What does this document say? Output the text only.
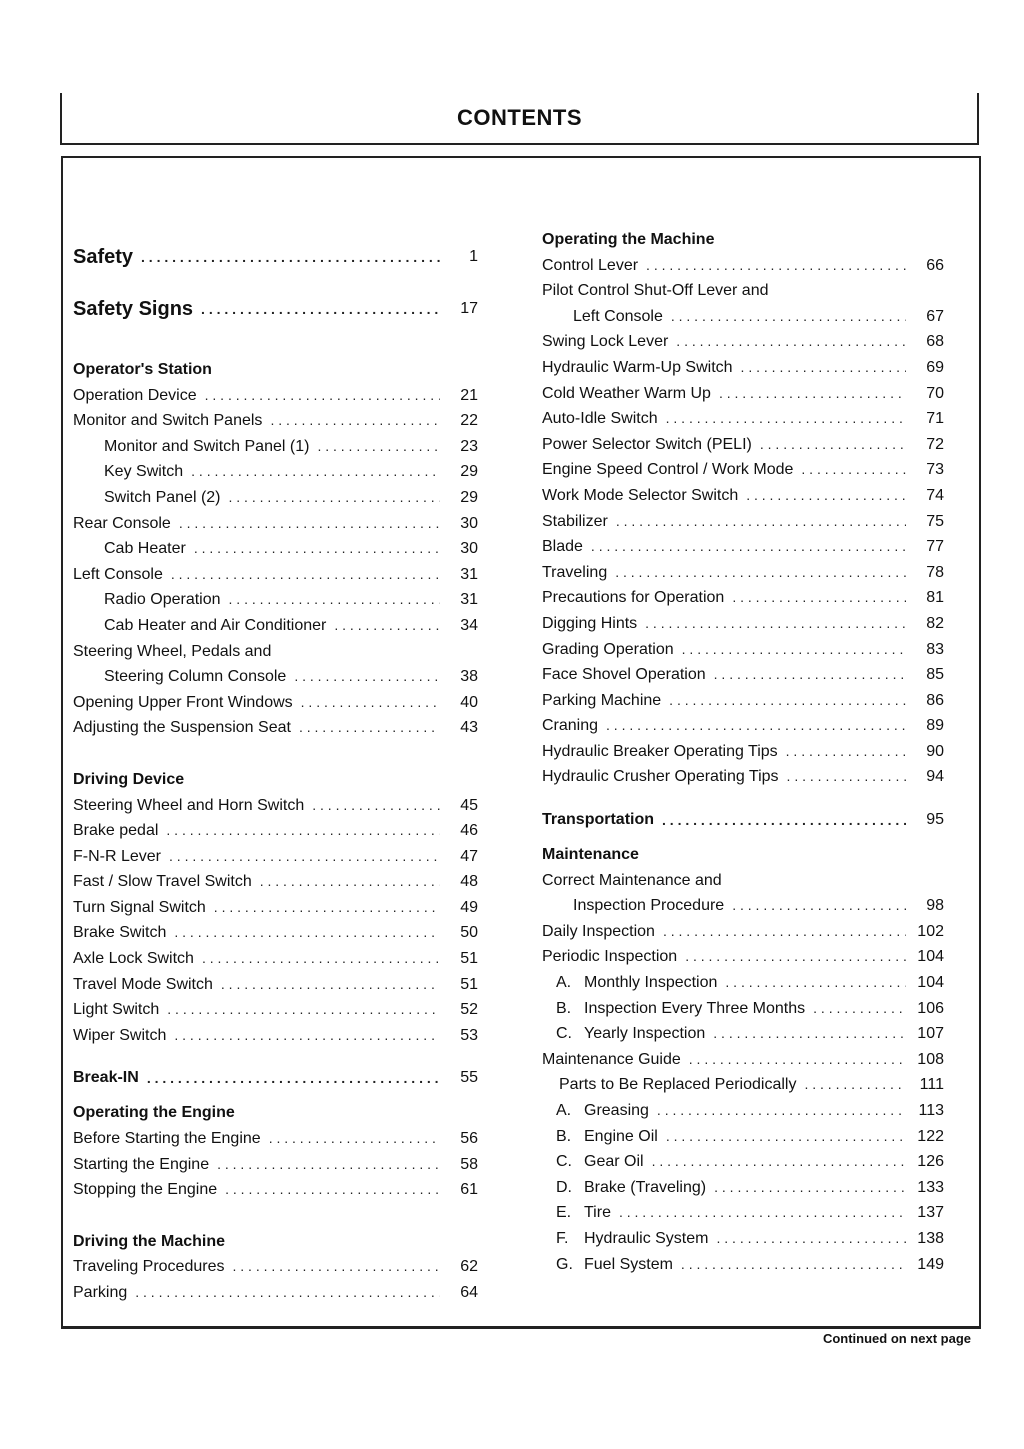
CONTENTS
Safety . . .	1
Safety Signs . . .	17
Operator's Station
Operation Device . . .	21
Monitor and Switch Panels . . .	22
Monitor and Switch Panel (1) . . .	23
Key Switch . . .	29
Switch Panel (2) . . .	29
Rear Console . . .	30
Cab Heater . . .	30
Left Console . . .	31
Radio Operation . . .	31
Cab Heater and Air Conditioner . . .	34
Steering Wheel, Pedals and
Steering Column Console . . .	38
Opening Upper Front Windows . . .	40
Adjusting the Suspension Seat . . .	43
Driving Device
Steering Wheel and Horn Switch . . .	45
Brake pedal . . .	46
F-N-R Lever . . .	47
Fast / Slow Travel Switch . . .	48
Turn Signal Switch . . .	49
Brake Switch . . .	50
Axle Lock Switch . . .	51
Travel Mode Switch . . .	51
Light Switch . . .	52
Wiper Switch . . .	53
Break-IN . . .	55
Operating the Engine
Before Starting the Engine . . .	56
Starting the Engine . . .	58
Stopping the Engine . . .	61
Driving the Machine
Traveling Procedures . . .	62
Parking . . .	64
Operating the Machine
Control Lever . . .	66
Pilot Control Shut-Off Lever and
Left Console . . .	67
Swing Lock Lever . . .	68
Hydraulic Warm-Up Switch . . .	69
Cold Weather Warm Up . . .	70
Auto-Idle Switch . . .	71
Power Selector Switch (PELI) . . .	72
Engine Speed Control / Work Mode . . .	73
Work Mode Selector Switch . . .	74
Stabilizer . . .	75
Blade . . .	77
Traveling . . .	78
Precautions for Operation . . .	81
Digging Hints . . .	82
Grading Operation . . .	83
Face Shovel Operation . . .	85
Parking Machine . . .	86
Craning . . .	89
Hydraulic Breaker Operating Tips . . .	90
Hydraulic Crusher Operating Tips . . .	94
Transportation . . .	95
Maintenance
Correct Maintenance and
Inspection Procedure . . .	98
Daily Inspection . . .	102
Periodic Inspection . . .	104
A. Monthly Inspection . . .	104
B. Inspection Every Three Months . . .	106
C. Yearly Inspection . . .	107
Maintenance Guide . . .	108
Parts to Be Replaced Periodically . . .	111
A. Greasing . . .	113
B. Engine Oil . . .	122
C. Gear Oil . . .	126
D. Brake (Traveling) . . .	133
E. Tire . . .	137
F. Hydraulic System . . .	138
G. Fuel System . . .	149
Continued on next page
